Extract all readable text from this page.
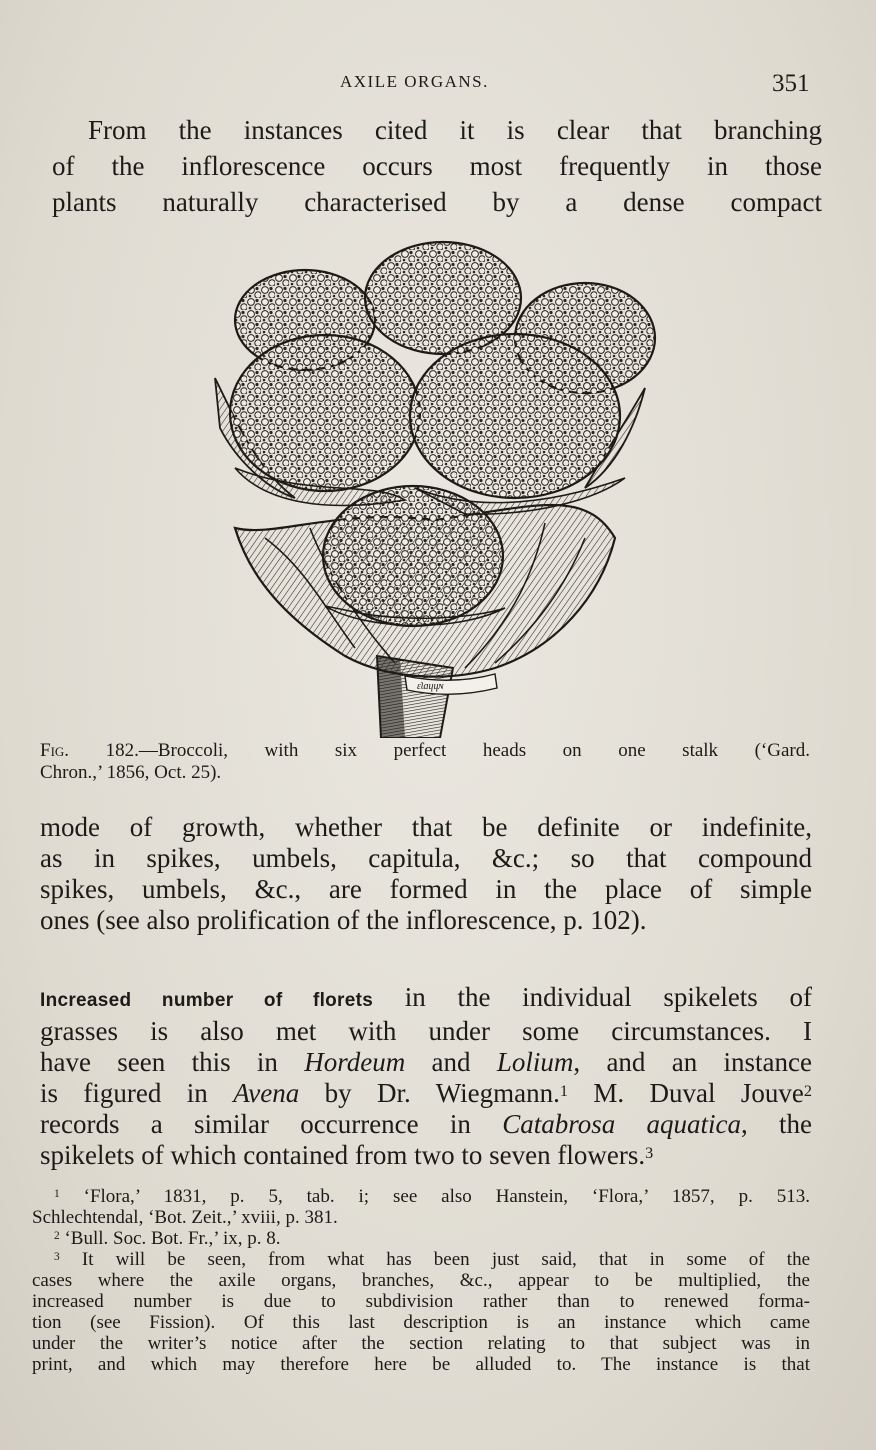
AXILE ORGANS.	351
From the instances cited it is clear that branching
of the inflorescence occurs most frequently in those
plants naturally characterised by a dense compact
ɛʅɑɥɥɴ
Fig. 182.—Broccoli, with six perfect heads on one stalk (‘Gard.
Chron.,’ 1856, Oct. 25).
mode of growth, whether that be definite or indefinite,
as in spikes, umbels, capitula, &c.; so that compound
spikes, umbels, &c., are formed in the place of simple
ones (see also prolification of the inflorescence, p. 102).
Increased number of florets in the individual spikelets of
grasses is also met with under some circumstances. I
have seen this in Hordeum and Lolium, and an instance
is figured in Avena by Dr. Wiegmann.$^1$ M. Duval Jouve$^2$
records a similar occurrence in Catabrosa aquatica, the
spikelets of which contained from two to seven flowers.$^3$
$^1$ ‘Flora,’ 1831, p. 5, tab. i; see also Hanstein, ‘Flora,’ 1857, p. 513.
Schlechtendal, ‘Bot. Zeit.,’ xviii, p. 381.
$^2$ ‘Bull. Soc. Bot. Fr.,’ ix, p. 8.
$^3$ It will be seen, from what has been just said, that in some of the
cases where the axile organs, branches, &c., appear to be multiplied, the
increased number is due to subdivision rather than to renewed forma-
tion (see Fission). Of this last description is an instance which came
under the writer’s notice after the section relating to that subject was in
print, and which may therefore here be alluded to. The instance is that
